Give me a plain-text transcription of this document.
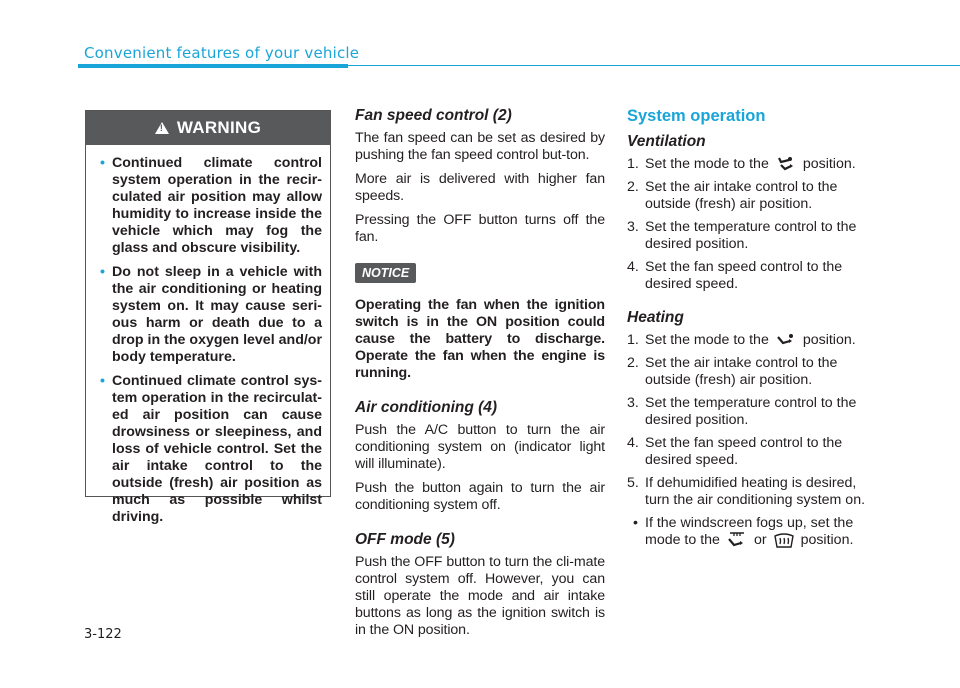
Convenient features of your vehicle
!
WARNING
• Continued climate control system operation in the recir-culated air position may allow humidity to increase inside the vehicle which may fog the glass and obscure visibility.
• Do not sleep in a vehicle with the air conditioning or heating system on. It may cause seri-ous harm or death due to a drop in the oxygen level and/or body temperature.
• Continued climate control sys-tem operation in the recirculat-ed air position can cause drowsiness or sleepiness, and loss of vehicle control. Set the air intake control to the outside (fresh) air position as much as possible whilst driving.
Fan speed control (2)

The fan speed can be set as desired by pushing the fan speed control but-ton.

More air is delivered with higher fan speeds.

Pressing the OFF button turns off the fan.

NOTICE

Operating the fan when the ignition switch is in the ON position could cause the battery to discharge. Operate the fan when the engine is running.

Air conditioning (4)

Push the A/C button to turn the air conditioning system on (indicator light will illuminate).

Push the button again to turn the air conditioning system off.

OFF mode (5)

Push the OFF button to turn the cli-mate control system off. However, you can still operate the mode and air intake buttons as long as the ignition switch is in the ON position.

System operation
Ventilation
1. Set the mode to the position.
2. Set the air intake control to the outside (fresh) air position.
3. Set the temperature control to the desired position.
4. Set the fan speed control to the desired speed.
Heating
1. Set the mode to the position.
2. Set the air intake control to the outside (fresh) air position.
3. Set the temperature control to the desired position.
4. Set the fan speed control to the desired speed.
5. If dehumidified heating is desired, turn the air conditioning system on.
• If the windscreen fogs up, set the mode to the or position.
3-122
